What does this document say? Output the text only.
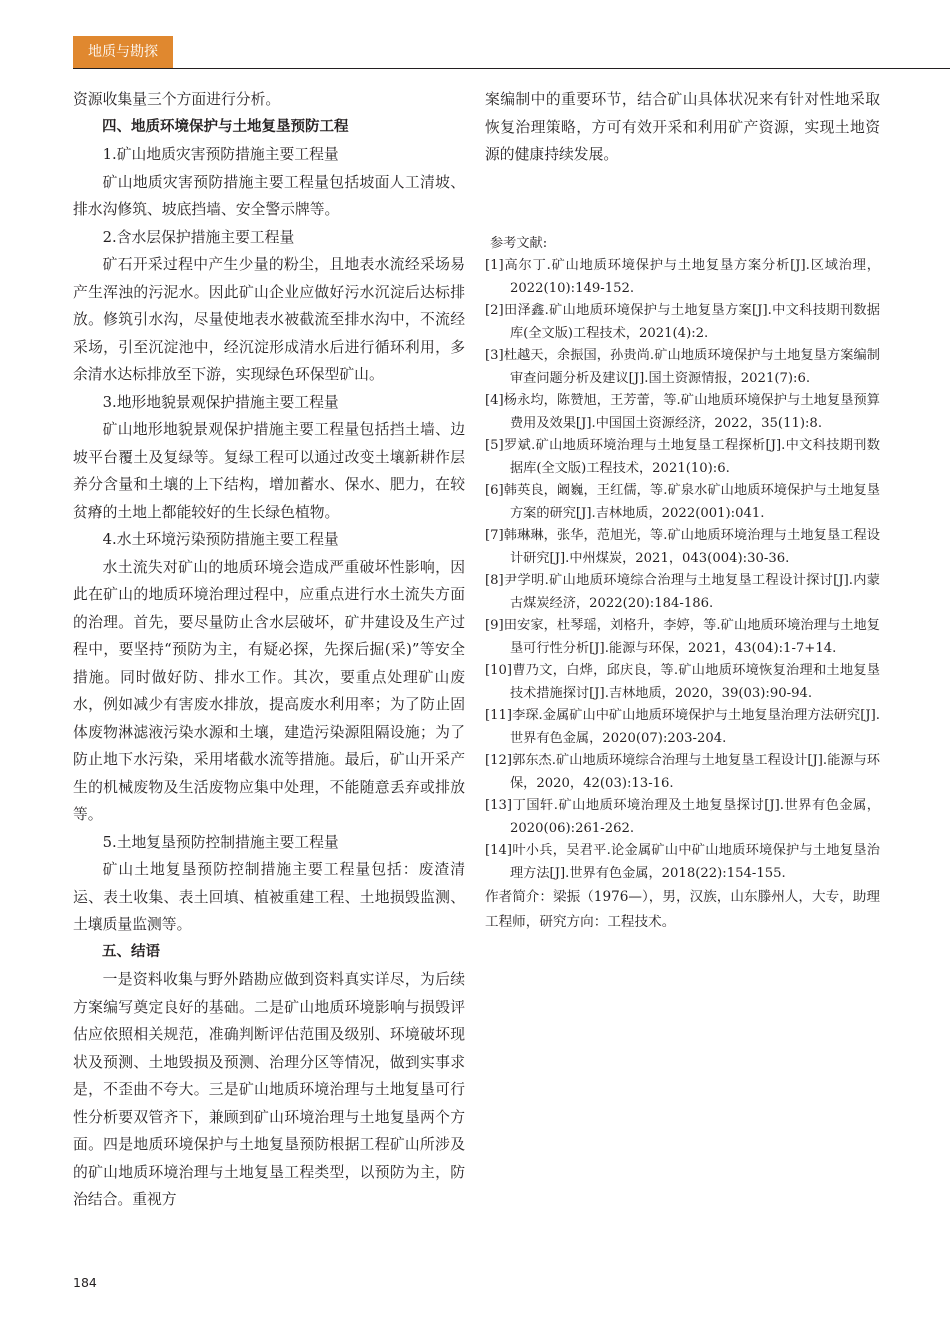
地质与勘探

资源收集量三个方面进行分析。

四、地质环境保护与土地复垦预防工程

1.矿山地质灾害预防措施主要工程量

矿山地质灾害预防措施主要工程量包括坡面人工清坡、排水沟修筑、坡底挡墙、安全警示牌等。

2.含水层保护措施主要工程量

矿石开采过程中产生少量的粉尘，且地表水流经采场易产生浑浊的污泥水。因此矿山企业应做好污水沉淀后达标排放。修筑引水沟，尽量使地表水被截流至排水沟中，不流经采场，引至沉淀池中，经沉淀形成清水后进行循环利用，多余清水达标排放至下游，实现绿色环保型矿山。

3.地形地貌景观保护措施主要工程量

矿山地形地貌景观保护措施主要工程量包括挡土墙、边坡平台覆土及复绿等。复绿工程可以通过改变土壤新耕作层养分含量和土壤的上下结构，增加蓄水、保水、肥力，在较贫瘠的土地上都能较好的生长绿色植物。

4.水土环境污染预防措施主要工程量

水土流失对矿山的地质环境会造成严重破坏性影响，因此在矿山的地质环境治理过程中，应重点进行水土流失方面的治理。首先，要尽量防止含水层破坏，矿井建设及生产过程中，要坚持“预防为主，有疑必探，先探后掘(采)”等安全措施。同时做好防、排水工作。其次，要重点处理矿山废水，例如减少有害废水排放，提高废水利用率；为了防止固体废物淋滤液污染水源和土壤，建造污染源阻隔设施；为了防止地下水污染，采用堵截水流等措施。最后，矿山开采产生的机械废物及生活废物应集中处理，不能随意丢弃或排放等。

5.土地复垦预防控制措施主要工程量

矿山土地复垦预防控制措施主要工程量包括：废渣清运、表土收集、表土回填、植被重建工程、土地损毁监测、土壤质量监测等。

五、结语

一是资料收集与野外踏勘应做到资料真实详尽，为后续方案编写奠定良好的基础。二是矿山地质环境影响与损毁评估应依照相关规范，准确判断评估范围及级别、环境破坏现状及预测、土地毁损及预测、治理分区等情况，做到实事求是，不歪曲不夸大。三是矿山地质环境治理与土地复垦可行性分析要双管齐下，兼顾到矿山环境治理与土地复垦两个方面。四是地质环境保护与土地复垦预防根据工程矿山所涉及的矿山地质环境治理与土地复垦工程类型，以预防为主，防治结合。重视方

案编制中的重要环节，结合矿山具体状况来有针对性地采取恢复治理策略，方可有效开采和利用矿产资源，实现土地资源的健康持续发展。

参考文献:

[1]高尔丁.矿山地质环境保护与土地复垦方案分析[J].区域治理，2022(10):149-152.

[2]田泽鑫.矿山地质环境保护与土地复垦方案[J].中文科技期刊数据库(全文版)工程技术，2021(4):2.

[3]杜越天，余振国，孙贵尚.矿山地质环境保护与土地复垦方案编制审查问题分析及建议[J].国土资源情报，2021(7):6.

[4]杨永均，陈赞旭，王芳蕾，等.矿山地质环境保护与土地复垦预算费用及效果[J].中国国土资源经济，2022，35(11):8.

[5]罗斌.矿山地质环境治理与土地复垦工程探析[J].中文科技期刊数据库(全文版)工程技术，2021(10):6.

[6]韩英良，阚巍，王红儒，等.矿泉水矿山地质环境保护与土地复垦方案的研究[J].吉林地质，2022(001):041.

[7]韩琳琳，张华，范旭光，等.矿山地质环境治理与土地复垦工程设计研究[J].中州煤炭，2021，043(004):30-36.

[8]尹学明.矿山地质环境综合治理与土地复垦工程设计探讨[J].内蒙古煤炭经济，2022(20):184-186.

[9]田安家，杜琴瑶，刘格升，李婷，等.矿山地质环境治理与土地复垦可行性分析[J].能源与环保，2021，43(04):1-7+14.

[10]曹乃文，白烨，邱庆良，等.矿山地质环境恢复治理和土地复垦技术措施探讨[J].吉林地质，2020，39(03):90-94.

[11]李琛.金属矿山中矿山地质环境保护与土地复垦治理方法研究[J].世界有色金属，2020(07):203-204.

[12]郭东杰.矿山地质环境综合治理与土地复垦工程设计[J].能源与环保，2020，42(03):13-16.

[13]丁国轩.矿山地质环境治理及土地复垦探讨[J].世界有色金属，2020(06):261-262.

[14]叶小兵，吴君平.论金属矿山中矿山地质环境保护与土地复垦治理方法[J].世界有色金属，2018(22):154-155.

作者简介：梁振（1976—），男，汉族，山东滕州人，大专，助理工程师，研究方向：工程技术。

184
